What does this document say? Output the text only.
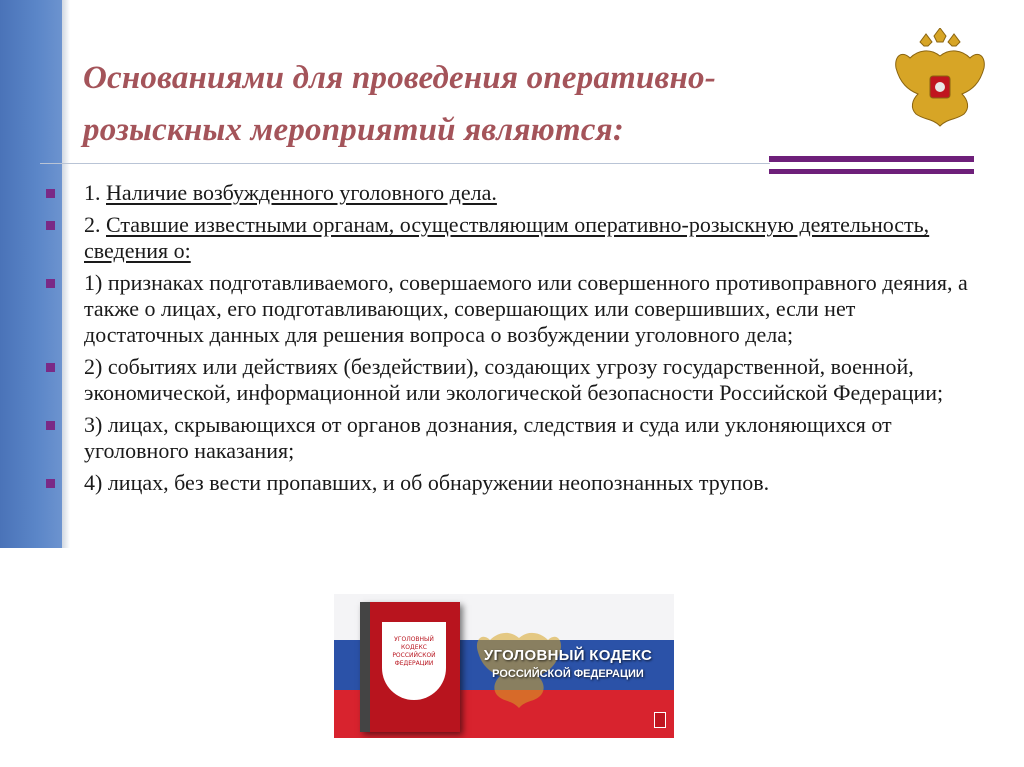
Основаниями для проведения оперативно-розыскных мероприятий являются:
1. Наличие возбужденного уголовного дела.
2. Ставшие известными органам, осуществляющим оперативно-розыскную деятельность, сведения о:
1) признаках подготавливаемого, совершаемого или совершенного противоправного деяния, а также о лицах, его подготавливающих, совершающих или совершивших, если нет достаточных данных для решения вопроса о возбуждении уголовного дела;
2) событиях или действиях (бездействии), создающих угрозу государственной, военной, экономической, информационной или экологической безопасности Российской Федерации;
3) лицах, скрывающихся от органов дознания, следствия и суда или уклоняющихся от уголовного наказания;
4) лицах, без вести пропавших, и об обнаружении неопознанных трупов.
УГОЛОВНЫЙ КОДЕКС РОССИЙСКОЙ ФЕДЕРАЦИИ	УГОЛОВНЫЙ КОДЕКС
РОССИЙСКОЙ ФЕДЕРАЦИИ
